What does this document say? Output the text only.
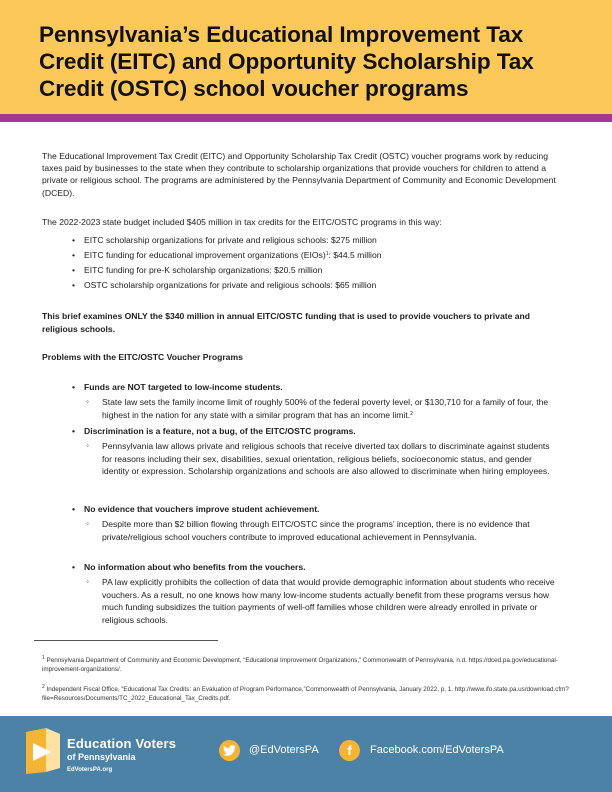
Pennsylvania’s Educational Improvement Tax Credit (EITC) and Opportunity Scholarship Tax Credit (OSTC) school voucher programs
The Educational Improvement Tax Credit (EITC) and Opportunity Scholarship Tax Credit (OSTC) voucher programs work by reducing taxes paid by businesses to the state when they contribute to scholarship organizations that provide vouchers for children to attend a private or religious school. The programs are administered by the Pennsylvania Department of Community and Economic Development (DCED).
The 2022-2023 state budget included $405 million in tax credits for the EITC/OSTC programs in this way:
• EITC scholarship organizations for private and religious schools: $275 million
• EITC funding for educational improvement organizations (EIOs)$^1$: $44.5 million
• EITC funding for pre-K scholarship organizations: $20.5 million
• OSTC scholarship organizations for private and religious schools: $65 million
This brief examines ONLY the $340 million in annual EITC/OSTC funding that is used to provide vouchers to private and religious schools.
Problems with the EITC/OSTC Voucher Programs
• Funds are NOT targeted to low-income students.
◦ State law sets the family income limit of roughly 500% of the federal poverty level, or $130,710 for a family of four, the highest in the nation for any state with a similar program that has an income limit.$^2$
• Discrimination is a feature, not a bug, of the EITC/OSTC programs.
◦ Pennsylvania law allows private and religious schools that receive diverted tax dollars to discriminate against students for reasons including their sex, disabilities, sexual orientation, religious beliefs, socioeconomic status, and gender identity or expression. Scholarship organizations and schools are also allowed to discriminate when hiring employees.
• No evidence that vouchers improve student achievement.
◦ Despite more than $2 billion flowing through EITC/OSTC since the programs’ inception, there is no evidence that private/religious school vouchers contribute to improved educational achievement in Pennsylvania.
• No information about who benefits from the vouchers.
◦ PA law explicitly prohibits the collection of data that would provide demographic information about students who receive vouchers. As a result, no one knows how many low-income students actually benefit from these programs versus how much funding subsidizes the tuition payments of well-off families whose children were already enrolled in private or religious schools.
$^1$ Pennsylvania Department of Community and Economic Development, “Educational Improvement Organizations,” Commonwealth of Pennsylvania, n.d. https://dced.pa.gov/educational-improvement-organizations/.
$^2$ Independent Fiscal Office, “Educational Tax Credits: an Evaluation of Program Performance,”Commonwealth of Pennsylvania, January 2022, p, 1. http://www.ifo.state.pa.us/download.cfm?file=Resources/Documents/TC_2022_Educational_Tax_Credits.pdf.
Education Voters
of Pennsylvania
EdVotersPA.org
@EdVotersPA	f	Facebook.com/EdVotersPA
